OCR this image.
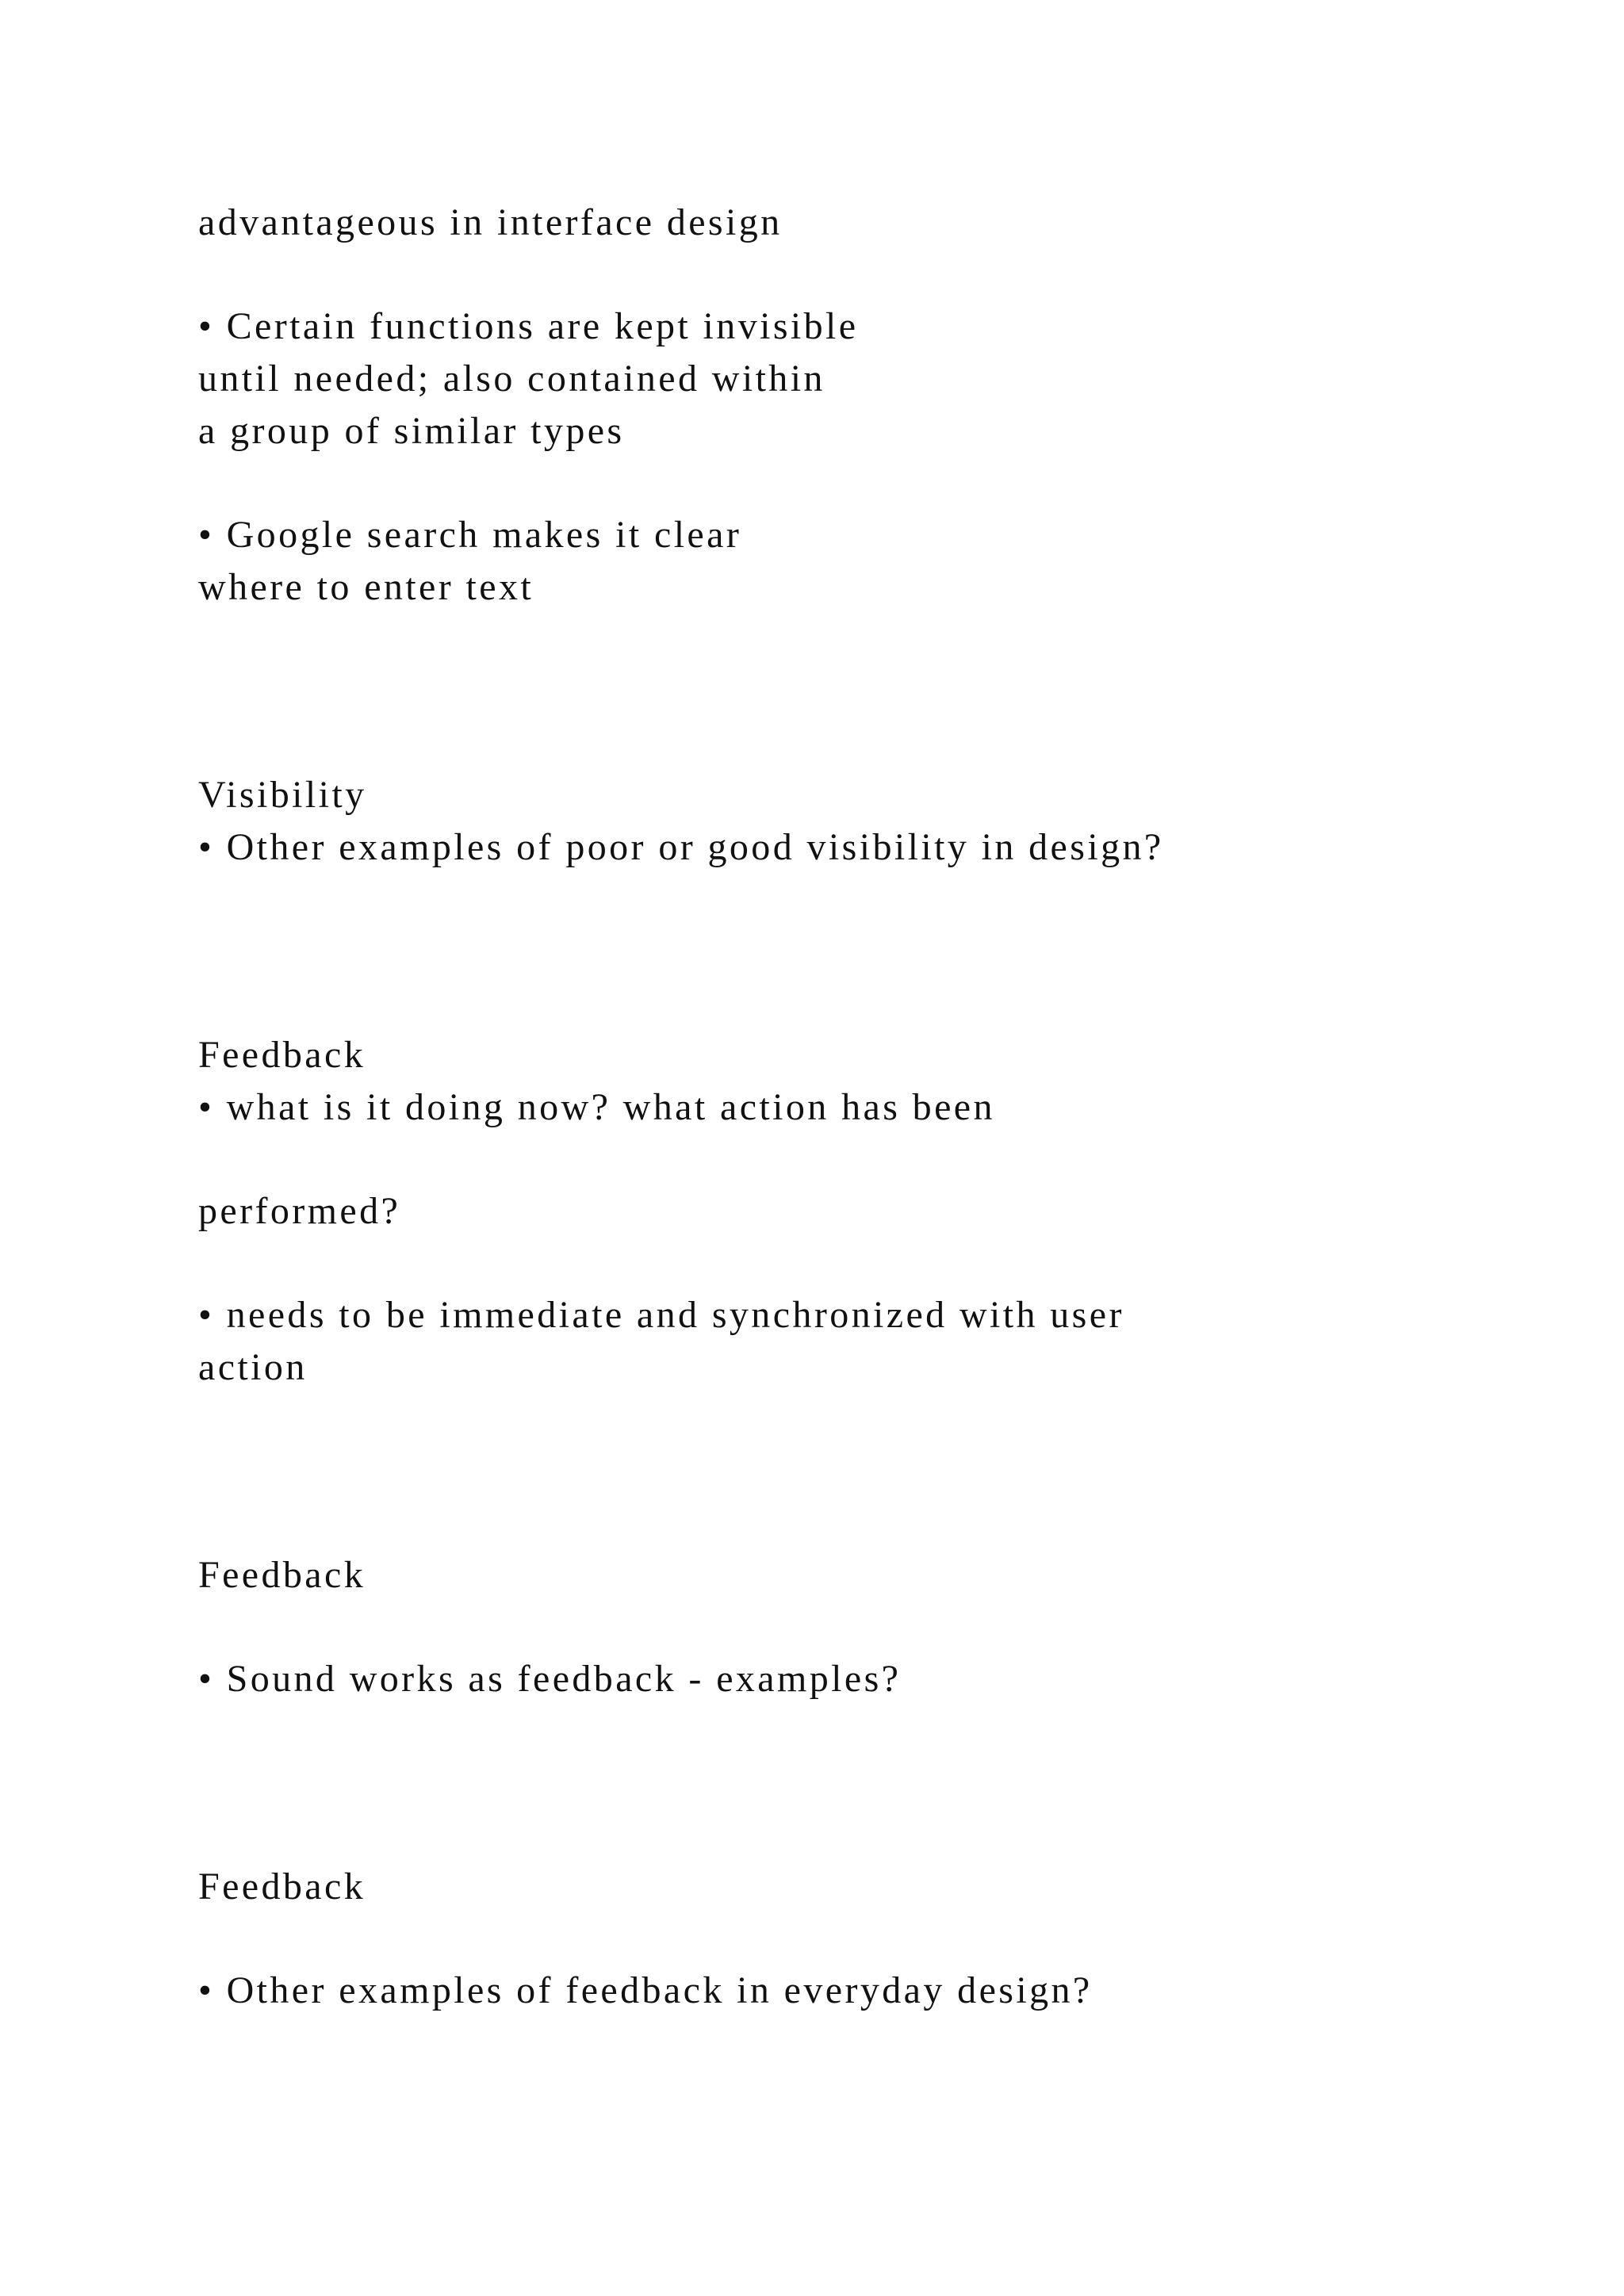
advantageous in interface design

• Certain functions are kept invisible

until needed; also contained within

a group of similar types

• Google search makes it clear

where to enter text

Visibility

• Other examples of poor or good visibility in design?

Feedback

• what is it doing now? what action has been

performed?

• needs to be immediate and synchronized with user

action

Feedback

• Sound works as feedback - examples?

Feedback

• Other examples of feedback in everyday design?
